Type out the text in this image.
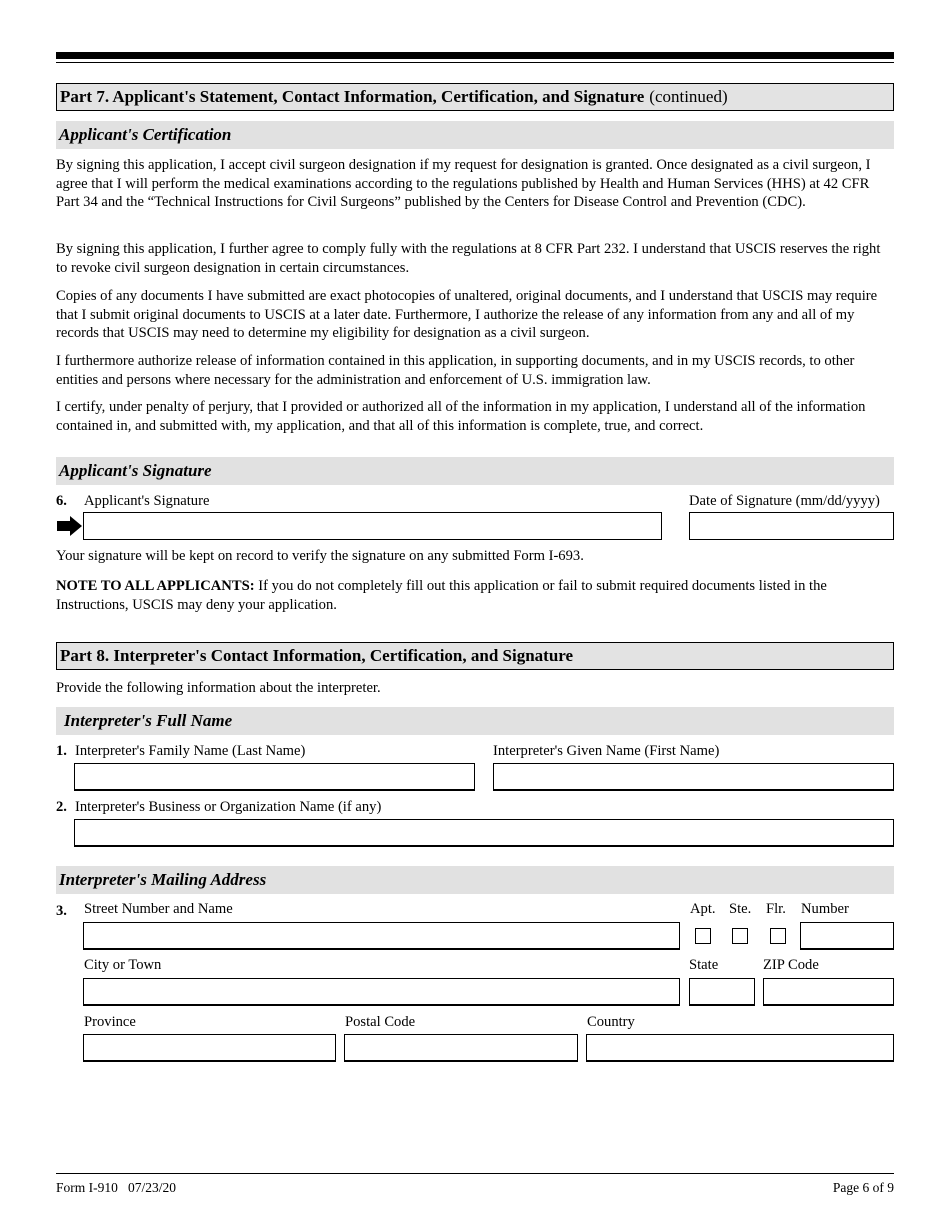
Part 7. Applicant's Statement, Contact Information, Certification, and Signature (continued)
Applicant's Certification
By signing this application, I accept civil surgeon designation if my request for designation is granted. Once designated as a civil surgeon, I agree that I will perform the medical examinations according to the regulations published by Health and Human Services (HHS) at 42 CFR Part 34 and the “Technical Instructions for Civil Surgeons” published by the Centers for Disease Control and Prevention (CDC).
By signing this application, I further agree to comply fully with the regulations at 8 CFR Part 232. I understand that USCIS reserves the right to revoke civil surgeon designation in certain circumstances.
Copies of any documents I have submitted are exact photocopies of unaltered, original documents, and I understand that USCIS may require that I submit original documents to USCIS at a later date. Furthermore, I authorize the release of any information from any and all of my records that USCIS may need to determine my eligibility for designation as a civil surgeon.
I furthermore authorize release of information contained in this application, in supporting documents, and in my USCIS records, to other entities and persons where necessary for the administration and enforcement of U.S. immigration law.
I certify, under penalty of perjury, that I provided or authorized all of the information in my application, I understand all of the information contained in, and submitted with, my application, and that all of this information is complete, true, and correct.
Applicant's Signature
6. Applicant's Signature	Date of Signature (mm/dd/yyyy)
Your signature will be kept on record to verify the signature on any submitted Form I-693.
NOTE TO ALL APPLICANTS: If you do not completely fill out this application or fail to submit required documents listed in the Instructions, USCIS may deny your application.
Part 8. Interpreter's Contact Information, Certification, and Signature
Provide the following information about the interpreter.
Interpreter's Full Name
1. Interpreter's Family Name (Last Name)	Interpreter's Given Name (First Name)
2. Interpreter's Business or Organization Name (if any)
Interpreter's Mailing Address
3. Street Number and Name	Apt. Ste. Flr. Number
City or Town	State	ZIP Code
Province	Postal Code	Country
Form I-910   07/23/20	Page 6 of 9
